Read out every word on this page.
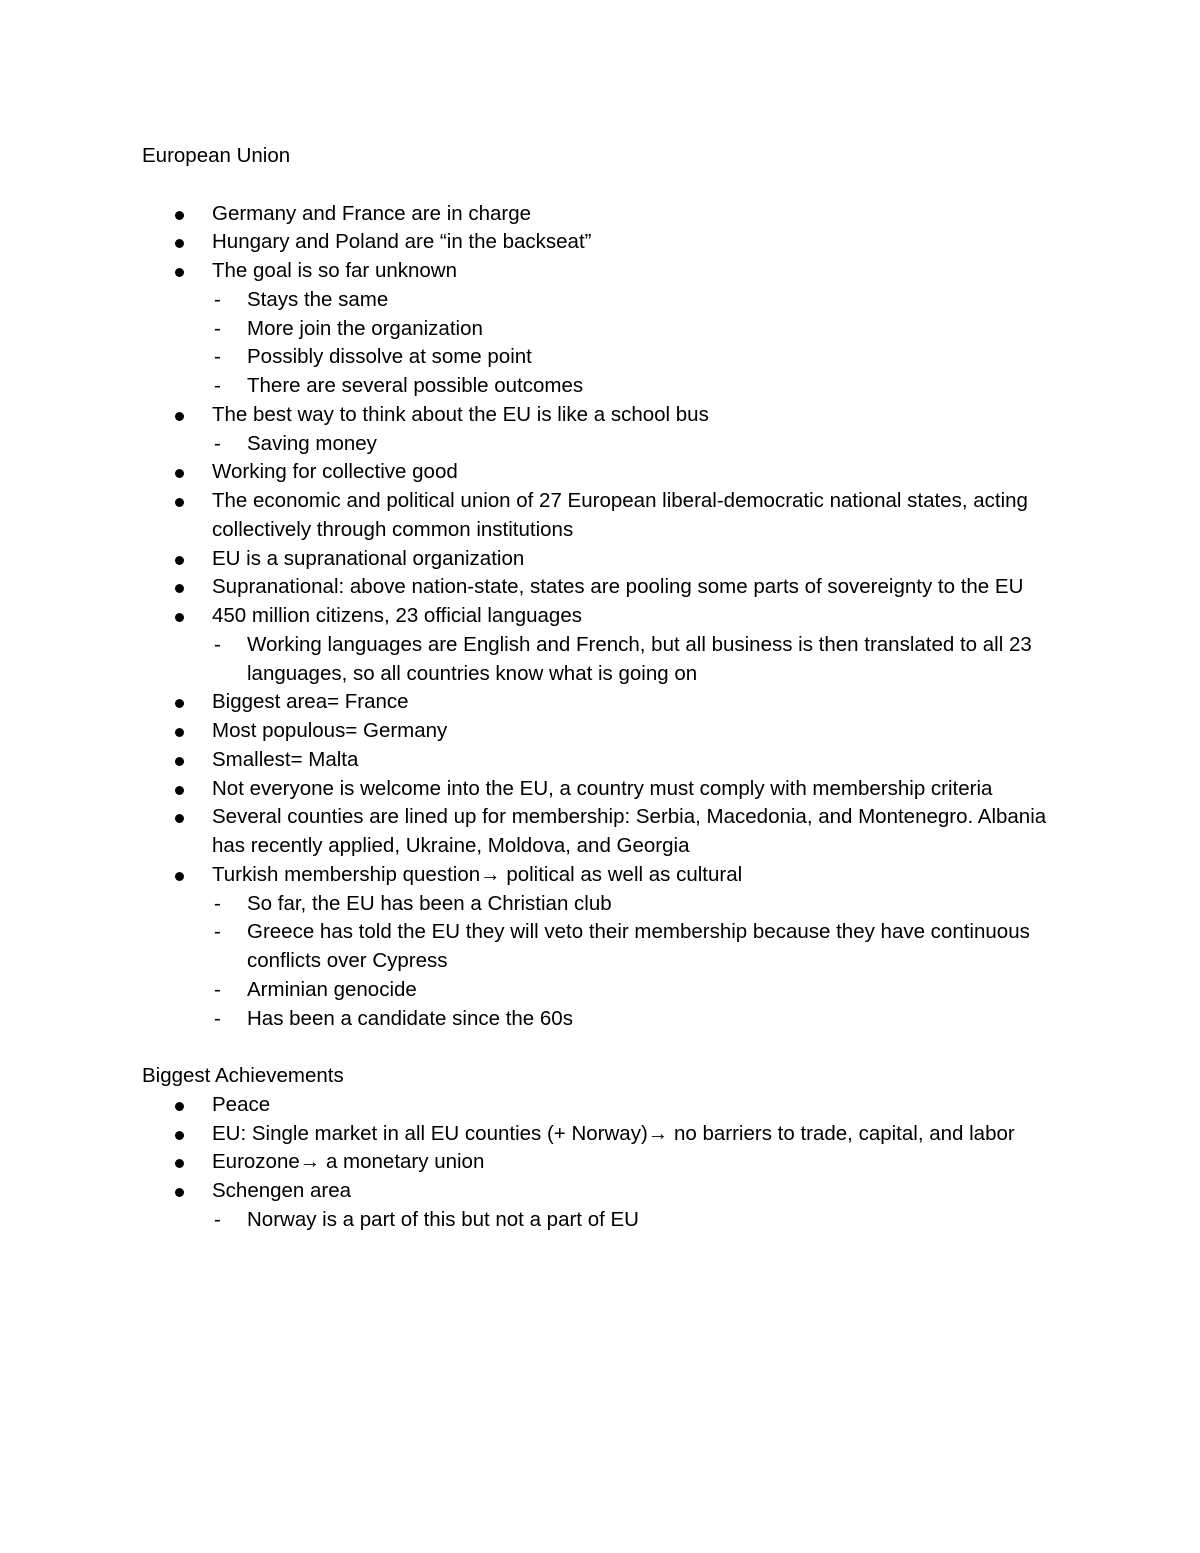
European Union
Germany and France are in charge
Hungary and Poland are “in the backseat”
The goal is so far unknown
- Stays the same
- More join the organization
- Possibly dissolve at some point
- There are several possible outcomes
The best way to think about the EU is like a school bus
- Saving money
Working for collective good
The economic and political union of 27 European liberal-democratic national states, acting collectively through common institutions
EU is a supranational organization
Supranational: above nation-state, states are pooling some parts of sovereignty to the EU
450 million citizens, 23 official languages
- Working languages are English and French, but all business is then translated to all 23 languages, so all countries know what is going on
Biggest area= France
Most populous= Germany
Smallest= Malta
Not everyone is welcome into the EU, a country must comply with membership criteria
Several counties are lined up for membership: Serbia, Macedonia, and Montenegro. Albania has recently applied, Ukraine, Moldova, and Georgia
Turkish membership question→ political as well as cultural
- So far, the EU has been a Christian club
- Greece has told the EU they will veto their membership because they have continuous conflicts over Cypress
- Arminian genocide
- Has been a candidate since the 60s
Biggest Achievements
Peace
EU: Single market in all EU counties (+ Norway)→ no barriers to trade, capital, and labor
Eurozone→ a monetary union
Schengen area
- Norway is a part of this but not a part of EU
